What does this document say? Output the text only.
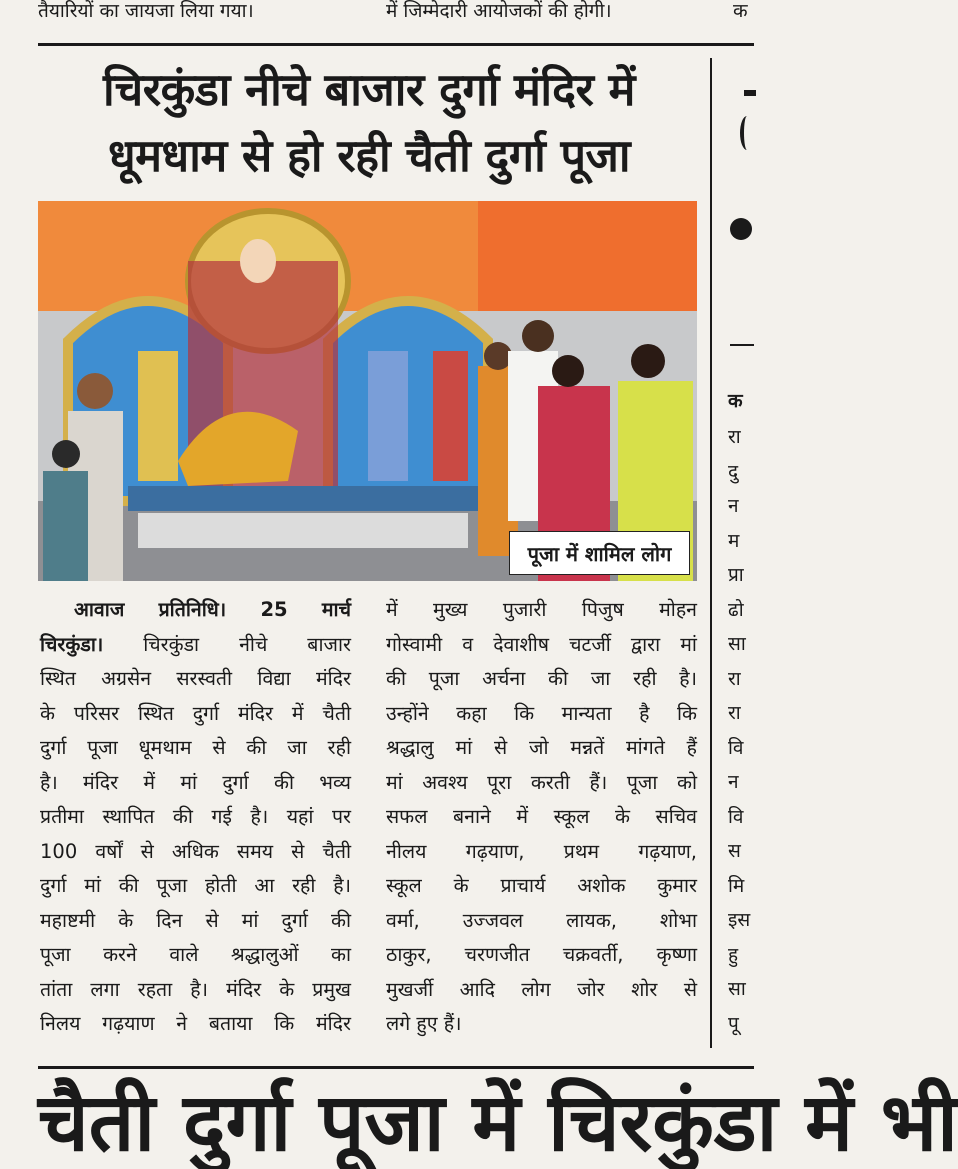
तैयारियों का जायजा लिया गया।	में जिम्मेदारी आयोजकों की होगी।	क
चिरकुंडा नीचे बाजार दुर्गा मंदिर में
धूमधाम से हो रही चैती दुर्गा पूजा
पूजा में शामिल लोग

आवाज प्रतिनिधि। 25 मार्च

चिरकुंडा। चिरकुंडा नीचे बाजार

स्थित अग्रसेन सरस्वती विद्या मंदिर

के परिसर स्थित दुर्गा मंदिर में चैती

दुर्गा पूजा धूमथाम से की जा रही

है। मंदिर में मां दुर्गा की भव्य

प्रतीमा स्थापित की गई है। यहां पर

100 वर्षों से अधिक समय से चैती

दुर्गा मां की पूजा होती आ रही है।

महाष्टमी के दिन से मां दुर्गा की

पूजा करने वाले श्रद्धालुओं का

तांता लगा रहता है। मंदिर के प्रमुख

निलय गढ़याण ने बताया कि मंदिर

में मुख्य पुजारी पिजुष मोहन

गोस्वामी व देवाशीष चटर्जी द्वारा मां

की पूजा अर्चना की जा रही है।

उन्होंने कहा कि मान्यता है कि

श्रद्धालु मां से जो मन्नतें मांगते हैं

मां अवश्य पूरा करती हैं। पूजा को

सफल बनाने में स्कूल के सचिव

नीलय गढ़याण, प्रथम गढ़याण,

स्कूल के प्राचार्य अशोक कुमार

वर्मा, उज्जवल लायक, शोभा

ठाकुर, चरणजीत चक्रवर्ती, कृष्णा

मुखर्जी आदि लोग जोर शोर से

लगे हुए हैं।

क
रा
दु
न
म
प्रा
ढो
सा
रा
रा
वि
न
वि
स
मि
इस
हु
सा
पू
चैती दुर्गा पूजा में चिरकुंडा में भी
